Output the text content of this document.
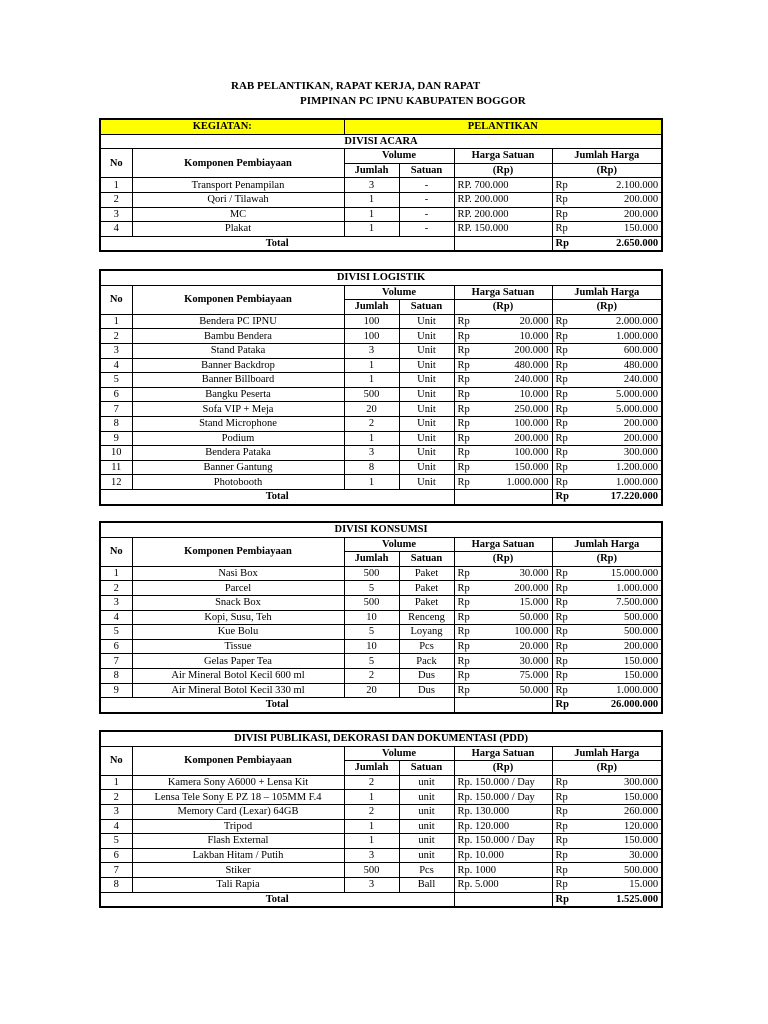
RAB PELANTIKAN, RAPAT KERJA, DAN RAPAT
PIMPINAN PC IPNU KABUPATEN BOGGOR
KEGIATAN:		PELANTIKAN				
DIVISI ACARA						
No	Komponen Pembiayaan	Volume		Harga Satuan	Jumlah Harga	
		Jumlah	Satuan	(Rp)	(Rp)	
1	Transport Penampilan	3	-	RP. 700.000	Rp	2.100.000
2	Qori / Tilawah	1	-	RP. 200.000	Rp	200.000
3	MC	1	-	RP. 200.000	Rp	200.000
4	Plakat	1	-	RP. 150.000	Rp	150.000
Total					Rp	2.650.000
DIVISI LOGISTIK							
No	Komponen Pembiayaan	Volume		Harga Satuan		Jumlah Harga	
		Jumlah	Satuan	(Rp)		(Rp)	
1	Bendera PC IPNU	100	Unit	Rp	20.000	Rp	2.000.000
2	Bambu Bendera	100	Unit	Rp	10.000	Rp	1.000.000
3	Stand Pataka	3	Unit	Rp	200.000	Rp	600.000
4	Banner Backdrop	1	Unit	Rp	480.000	Rp	480.000
5	Banner Billboard	1	Unit	Rp	240.000	Rp	240.000
6	Bangku Peserta	500	Unit	Rp	10.000	Rp	5.000.000
7	Sofa VIP + Meja	20	Unit	Rp	250.000	Rp	5.000.000
8	Stand Microphone	2	Unit	Rp	100.000	Rp	200.000
9	Podium	1	Unit	Rp	200.000	Rp	200.000
10	Bendera Pataka	3	Unit	Rp	100.000	Rp	300.000
11	Banner Gantung	8	Unit	Rp	150.000	Rp	1.200.000
12	Photobooth	1	Unit	Rp	1.000.000	Rp	1.000.000
Total						Rp	17.220.000
DIVISI KONSUMSI							
No	Komponen Pembiayaan	Volume		Harga Satuan		Jumlah Harga	
		Jumlah	Satuan	(Rp)		(Rp)	
1	Nasi Box	500	Paket	Rp	30.000	Rp	15.000.000
2	Parcel	5	Paket	Rp	200.000	Rp	1.000.000
3	Snack Box	500	Paket	Rp	15.000	Rp	7.500.000
4	Kopi, Susu, Teh	10	Renceng	Rp	50.000	Rp	500.000
5	Kue Bolu	5	Loyang	Rp	100.000	Rp	500.000
6	Tissue	10	Pcs	Rp	20.000	Rp	200.000
7	Gelas Paper Tea	5	Pack	Rp	30.000	Rp	150.000
8	Air Mineral Botol Kecil 600 ml	2	Dus	Rp	75.000	Rp	150.000
9	Air Mineral Botol Kecil 330 ml	20	Dus	Rp	50.000	Rp	1.000.000
Total						Rp	26.000.000
DIVISI PUBLIKASI, DEKORASI DAN DOKUMENTASI (PDD)						
No	Komponen Pembiayaan	Volume		Harga Satuan	Jumlah Harga	
		Jumlah	Satuan	(Rp)	(Rp)	
1	Kamera Sony A6000 + Lensa Kit	2	unit	Rp. 150.000 / Day	Rp	300.000
2	Lensa Tele Sony E PZ 18 – 105MM F.4	1	unit	Rp. 150.000 / Day	Rp	150.000
3	Memory Card (Lexar) 64GB	2	unit	Rp. 130.000	Rp	260.000
4	Tripod	1	unit	Rp. 120.000	Rp	120.000
5	Flash External	1	unit	Rp. 150.000 / Day	Rp	150.000
6	Lakban Hitam / Putih	3	unit	Rp. 10.000	Rp	30.000
7	Stiker	500	Pcs	Rp. 1000	Rp	500.000
8	Tali Rapia	3	Ball	Rp. 5.000	Rp	15.000
Total					Rp	1.525.000
